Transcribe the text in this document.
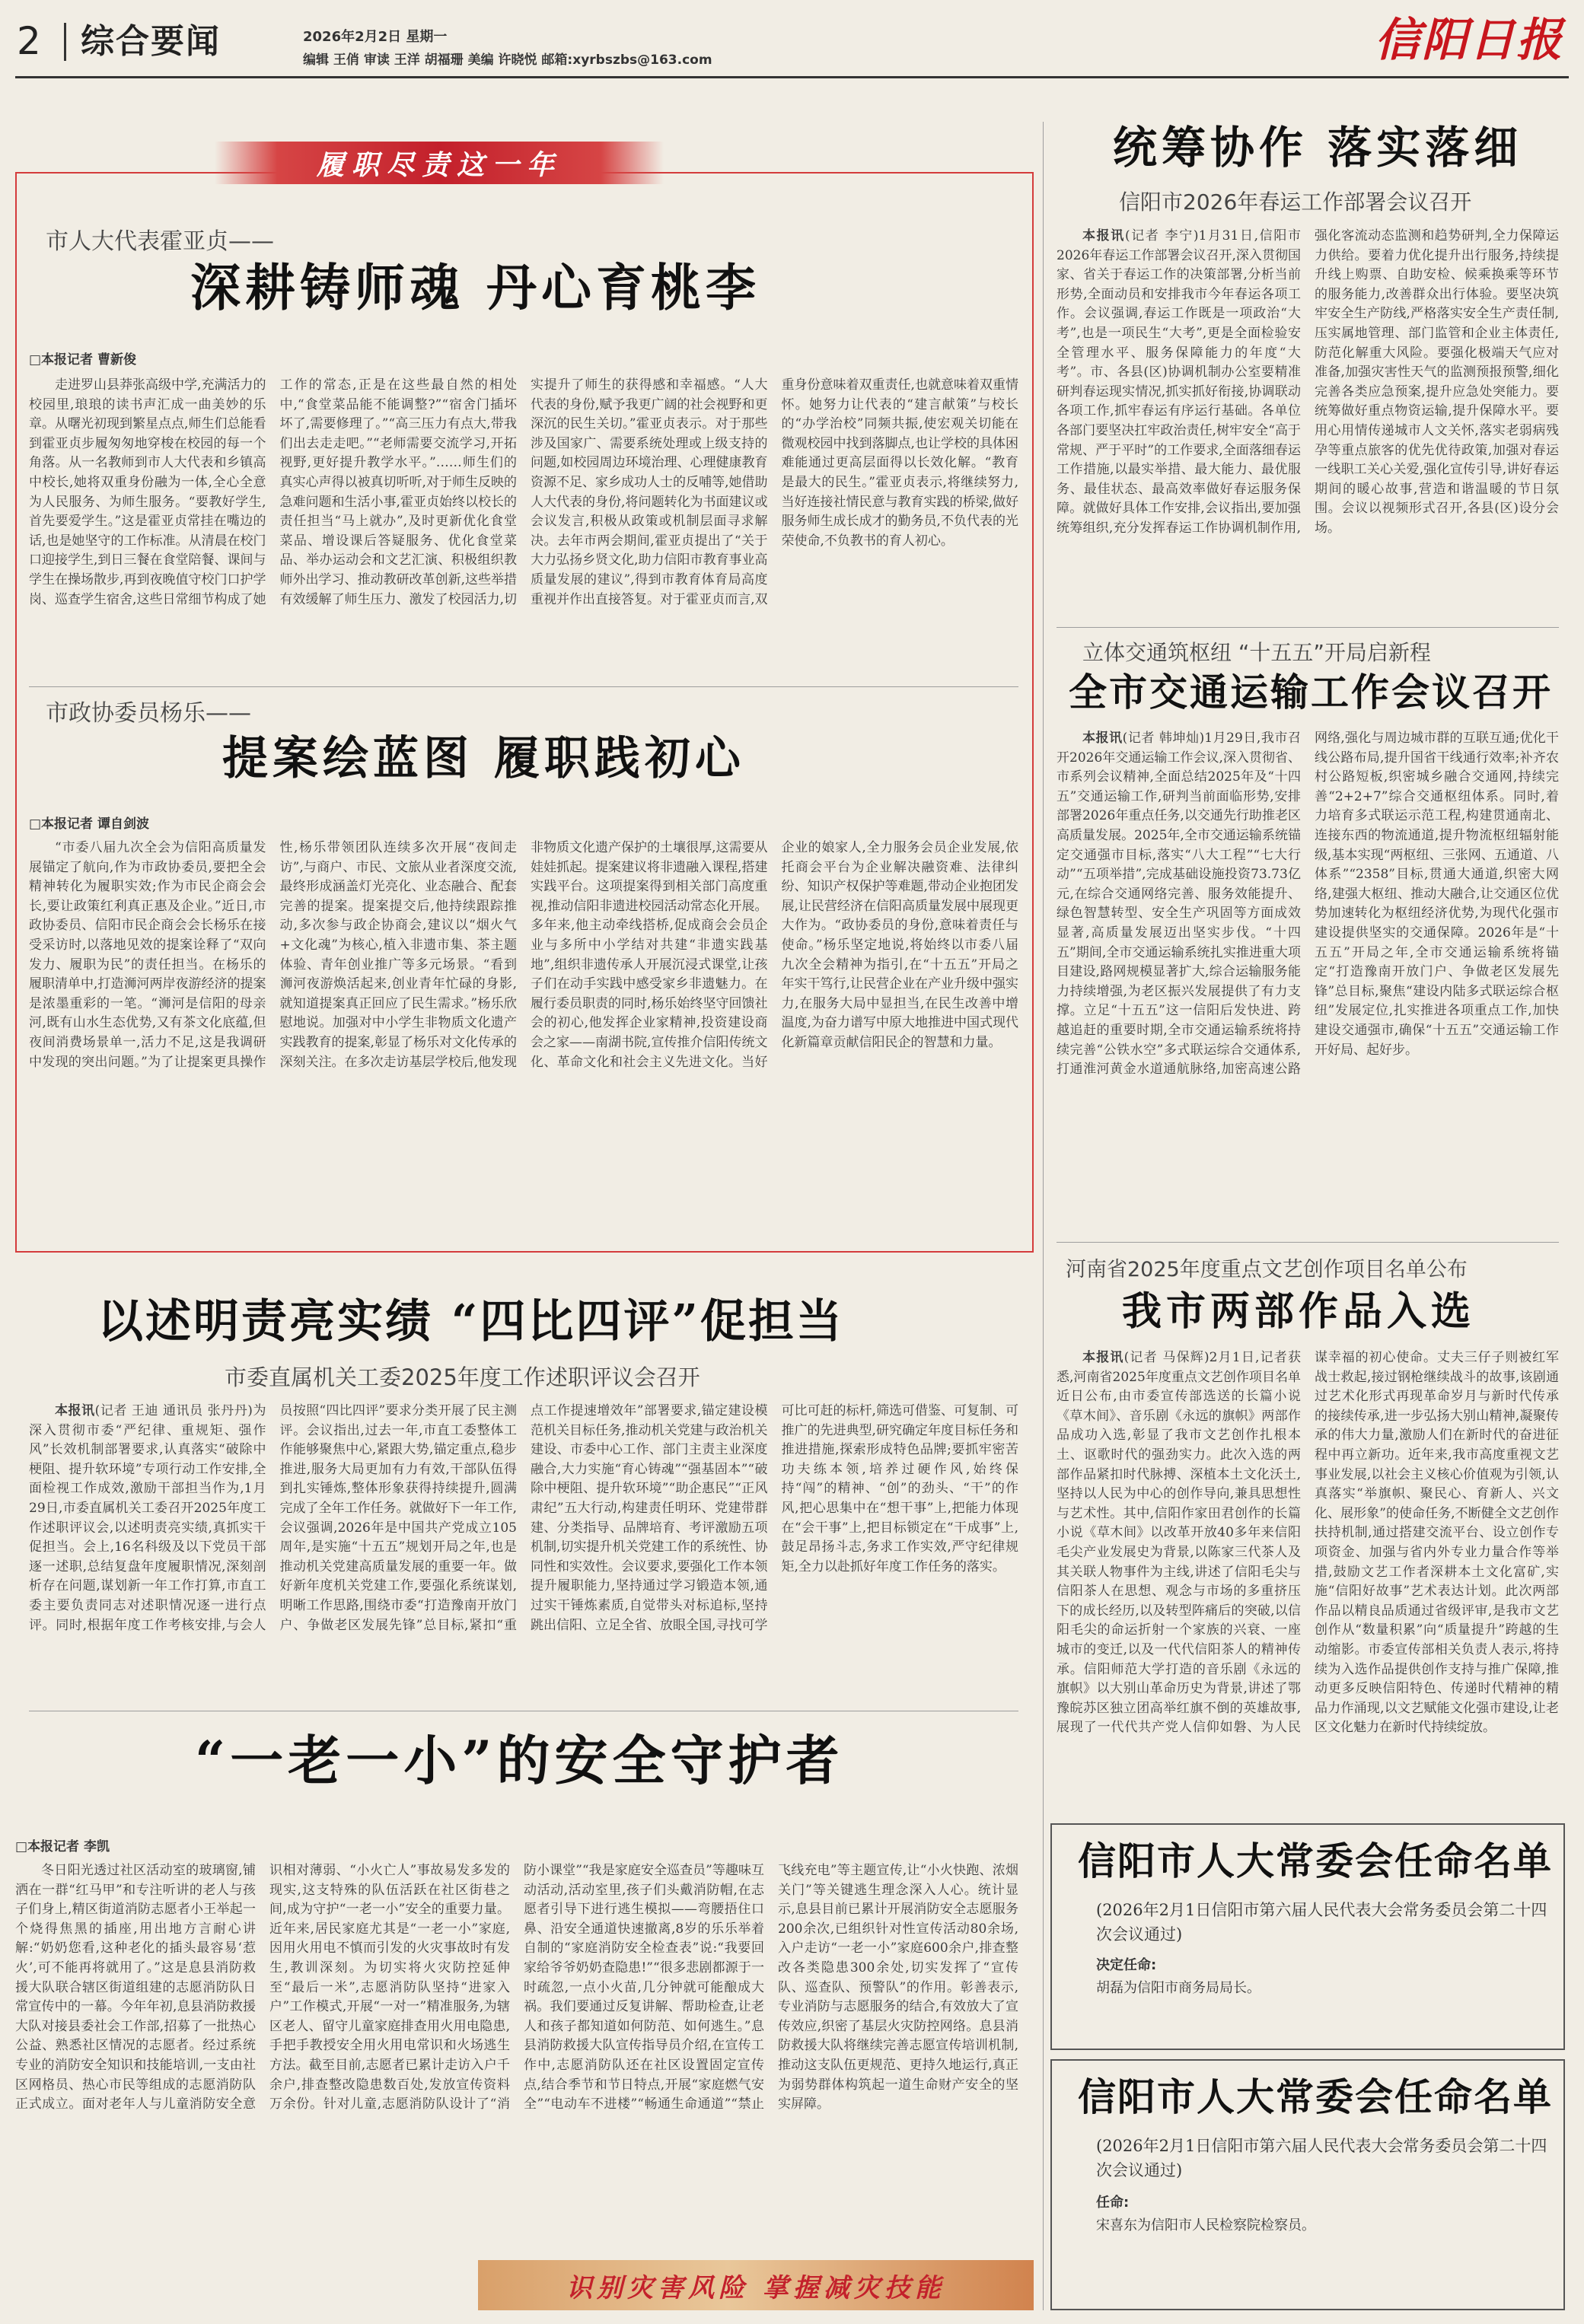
2 综合要闻	2026年2月2日 星期一
编辑 王俏 审读 王洋 胡福珊 美编 许晓悦 邮箱:xyrbszbs@163.com	信阳日报
履职尽责这一年
市人大代表霍亚贞——
深耕铸师魂 丹心育桃李
□本报记者 曹新俊

走进罗山县莽张高级中学,充满活力的校园里,琅琅的读书声汇成一曲美妙的乐章。从曙光初现到繁星点点,师生们总能看到霍亚贞步履匆匆地穿梭在校园的每一个角落。从一名教师到市人大代表和乡镇高中校长,她将双重身份融为一体,全心全意为人民服务、为师生服务。“要教好学生,首先要爱学生。”这是霍亚贞常挂在嘴边的话,也是她坚守的工作标准。从清晨在校门口迎接学生,到日三餐在食堂陪餐、课间与学生在操场散步,再到夜晚值守校门口护学岗、巡查学生宿舍,这些日常细节构成了她工作的常态,正是在这些最自然的相处中,“食堂菜品能不能调整?”“宿舍门插坏坏了,需要修理了。”“高三压力有点大,带我们出去走走吧。”“老师需要交流学习,开拓视野,更好提升教学水平。”……师生们的真实心声得以被真切听听,对于师生反映的急难问题和生活小事,霍亚贞始终以校长的责任担当“马上就办”,及时更新优化食堂菜品、增设课后答疑服务、优化食堂菜品、举办运动会和文艺汇演、积极组织教师外出学习、推动教研改革创新,这些举措有效缓解了师生压力、激发了校园活力,切实提升了师生的获得感和幸福感。“人大代表的身份,赋予我更广阔的社会视野和更深沉的民生关切。”霍亚贞表示。对于那些涉及国家广、需要系统处理或上级支持的问题,如校园周边环境治理、心理健康教育资源不足、家乡成功人士的反哺等,她借助人大代表的身份,将问题转化为书面建议或会议发言,积极从政策或机制层面寻求解决。去年市两会期间,霍亚贞提出了“关于大力弘扬乡贤文化,助力信阳市教育事业高质量发展的建议”,得到市教育体育局高度重视并作出直接答复。对于霍亚贞而言,双重身份意味着双重责任,也就意味着双重情怀。她努力让代表的“建言献策”与校长的“办学治校”同频共振,使宏观关切能在微观校园中找到落脚点,也让学校的具体困难能通过更高层面得以长效化解。“教育是最大的民生。”霍亚贞表示,将继续努力,当好连接社情民意与教育实践的桥梁,做好服务师生成长成才的勤务员,不负代表的光荣使命,不负教书的育人初心。

市政协委员杨乐——
提案绘蓝图 履职践初心
□本报记者 谭自剑波

“市委八届九次全会为信阳高质量发展锚定了航向,作为市政协委员,要把全会精神转化为履职实效;作为市民企商会会长,要让政策红利真正惠及企业。”近日,市政协委员、信阳市民企商会会长杨乐在接受采访时,以落地见效的提案诠释了“双向发力、履职为民”的责任担当。在杨乐的履职清单中,打造浉河两岸夜游经济的提案是浓墨重彩的一笔。“浉河是信阳的母亲河,既有山水生态优势,又有茶文化底蕴,但夜间消费场景单一,活力不足,这是我调研中发现的突出问题。”为了让提案更具操作性,杨乐带领团队连续多次开展“夜间走访”,与商户、市民、文旅从业者深度交流,最终形成涵盖灯光亮化、业态融合、配套完善的提案。提案提交后,他持续跟踪推动,多次参与政企协商会,建议以“烟火气+文化魂”为核心,植入非遗市集、茶主题体验、青年创业推广等多元场景。“看到浉河夜游焕活起来,创业青年忙碌的身影,就知道提案真正回应了民生需求。”杨乐欣慰地说。加强对中小学生非物质文化遗产实践教育的提案,彰显了杨乐对文化传承的深刻关注。在多次走访基层学校后,他发现非物质文化遗产保护的土壤很厚,这需要从娃娃抓起。提案建议将非遗融入课程,搭建实践平台。这项提案得到相关部门高度重视,推动信阳非遗进校园活动常态化开展。多年来,他主动牵线搭桥,促成商会会员企业与多所中小学结对共建“非遗实践基地”,组织非遗传承人开展沉浸式课堂,让孩子们在动手实践中感受家乡非遗魅力。在履行委员职责的同时,杨乐始终坚守回馈社会的初心,他发挥企业家精神,投资建设商会之家——南湖书院,宣传推介信阳传统文化、革命文化和社会主义先进文化。当好企业的娘家人,全力服务会员企业发展,依托商会平台为企业解决融资难、法律纠纷、知识产权保护等难题,带动企业抱团发展,让民营经济在信阳高质量发展中展现更大作为。“政协委员的身份,意味着责任与使命。”杨乐坚定地说,将始终以市委八届九次全会精神为指引,在“十五五”开局之年实干笃行,让民营企业在产业升级中强实力,在服务大局中显担当,在民生改善中增温度,为奋力谱写中原大地推进中国式现代化新篇章贡献信阳民企的智慧和力量。

以述明责亮实绩 “四比四评”促担当
市委直属机关工委2025年度工作述职评议会召开

本报讯(记者 王迪 通讯员 张丹丹)为深入贯彻市委“严纪律、重规矩、强作风”长效机制部署要求,认真落实“破除中梗阻、提升软环境”专项行动工作安排,全面检视工作成效,激励干部担当作为,1月29日,市委直属机关工委召开2025年度工作述职评议会,以述明责亮实绩,真抓实干促担当。会上,16名科级及以下党员干部逐一述职,总结复盘年度履职情况,深刻剖析存在问题,谋划新一年工作打算,市直工委主要负责同志对述职情况逐一进行点评。同时,根据年度工作考核安排,与会人员按照“四比四评”要求分类开展了民主测评。会议指出,过去一年,市直工委整体工作能够聚焦中心,紧跟大势,锚定重点,稳步推进,服务大局更加有力有效,干部队伍得到扎实锤炼,整体形象获得持续提升,圆满完成了全年工作任务。就做好下一年工作,会议强调,2026年是中国共产党成立105周年,是实施“十五五”规划开局之年,也是推动机关党建高质量发展的重要一年。做好新年度机关党建工作,要强化系统谋划,明晰工作思路,围绕市委“打造豫南开放门户、争做老区发展先锋”总目标,紧扣“重点工作提速增效年”部署要求,锚定建设模范机关目标任务,推动机关党建与政治机关建设、市委中心工作、部门主责主业深度融合,大力实施“育心铸魂”“强基固本”“破除中梗阻、提升软环境”“助企惠民”“正风肃纪”五大行动,构建责任明环、党建带群建、分类指导、品牌培育、考评激励五项机制,切实提升机关党建工作的系统性、协同性和实效性。会议要求,要强化工作本领提升履职能力,坚持通过学习锻造本领,通过实干锤炼素质,自觉带头对标追标,坚持跳出信阳、立足全省、放眼全国,寻找可学可比可赶的标杆,筛选可借鉴、可复制、可推广的先进典型,研究确定年度目标任务和推进措施,探索形成特色品牌;要抓牢密苦功夫练本领,培养过硬作风,始终保持“闯”的精神、“创”的劲头、“干”的作风,把心思集中在“想干事”上,把能力体现在“会干事”上,把目标锁定在“干成事”上,鼓足昂扬斗志,务求工作实效,严守纪律规矩,全力以赴抓好年度工作任务的落实。

“一老一小”的安全守护者
□本报记者 李凯

冬日阳光透过社区活动室的玻璃窗,铺洒在一群“红马甲”和专注听讲的老人与孩子们身上,精区街道消防志愿者小王举起一个烧得焦黑的插座,用出地方言耐心讲解:“奶奶您看,这种老化的插头最容易‘惹火’,可不能再将就用了。”这是息县消防救援大队联合辖区街道组建的志愿消防队日常宣传中的一幕。今年年初,息县消防救援大队对接县委社会工作部,招募了一批热心公益、熟悉社区情况的志愿者。经过系统专业的消防安全知识和技能培训,一支由社区网格员、热心市民等组成的志愿消防队正式成立。面对老年人与儿童消防安全意识相对薄弱、“小火亡人”事故易发多发的现实,这支特殊的队伍活跃在社区街巷之间,成为守护“一老一小”安全的重要力量。近年来,居民家庭尤其是“一老一小”家庭,因用火用电不慎而引发的火灾事故时有发生,教训深刻。为切实将火灾防控延伸至“最后一米”,志愿消防队坚持“进家入户”工作模式,开展“一对一”精准服务,为辖区老人、留守儿童家庭排查用火用电隐患,手把手教授安全用火用电常识和火场逃生方法。截至目前,志愿者已累计走访入户千余户,排查整改隐患数百处,发放宣传资料万余份。针对儿童,志愿消防队设计了“消防小课堂”“我是家庭安全巡查员”等趣味互动活动,活动室里,孩子们头戴消防帽,在志愿者引导下进行逃生模拟——弯腰捂住口鼻、沿安全通道快速撤离,8岁的乐乐举着自制的“家庭消防安全检查表”说:“我要回家给爷爷奶奶查隐患!”“很多悲剧都源于一时疏忽,一点小火苗,几分钟就可能酿成大祸。我们要通过反复讲解、帮助检查,让老人和孩子都知道如何防范、如何逃生。”息县消防救援大队宣传指导员介绍,在宣传工作中,志愿消防队还在社区设置固定宣传点,结合季节和节日特点,开展“家庭燃气安全”“电动车不进楼”“畅通生命通道”“禁止飞线充电”等主题宣传,让“小火快跑、浓烟关门”等关键逃生理念深入人心。统计显示,息县目前已累计开展消防安全志愿服务200余次,已组织针对性宣传活动80余场,入户走访“一老一小”家庭600余户,排查整改各类隐患300余处,切实发挥了“宣传队、巡查队、预警队”的作用。彰善表示,专业消防与志愿服务的结合,有效放大了宣传效应,织密了基层火灾防控网络。息县消防救援大队将继续完善志愿宣传培训机制,推动这支队伍更规范、更持久地运行,真正为弱势群体构筑起一道生命财产安全的坚实屏障。

识别灾害风险 掌握减灾技能
统筹协作 落实落细
信阳市2026年春运工作部署会议召开

本报讯(记者 李宁)1月31日,信阳市2026年春运工作部署会议召开,深入贯彻国家、省关于春运工作的决策部署,分析当前形势,全面动员和安排我市今年春运各项工作。会议强调,春运工作既是一项政治“大考”,也是一项民生“大考”,更是全面检验安全管理水平、服务保障能力的年度“大考”。市、各县(区)协调机制办公室要精准研判春运现实情况,抓实抓好衔接,协调联动各项工作,抓牢春运有序运行基础。各单位各部门要坚决扛牢政治责任,树牢安全“高于常规、严于平时”的工作要求,全面落细春运工作措施,以最实举措、最大能力、最优服务、最佳状态、最高效率做好春运服务保障。就做好具体工作安排,会议指出,要加强统筹组织,充分发挥春运工作协调机制作用,强化客流动态监测和趋势研判,全力保障运力供给。要着力优化提升出行服务,持续提升线上购票、自助安检、候乘换乘等环节的服务能力,改善群众出行体验。要坚决筑牢安全生产防线,严格落实安全生产责任制,压实属地管理、部门监管和企业主体责任,防范化解重大风险。要强化极端天气应对准备,加强灾害性天气的监测预报预警,细化完善各类应急预案,提升应急处突能力。要统筹做好重点物资运输,提升保障水平。要用心用情传递城市人文关怀,落实老弱病残孕等重点旅客的优先优待政策,加强对春运一线职工关心关爱,强化宣传引导,讲好春运期间的暖心故事,营造和谐温暖的节日氛围。会议以视频形式召开,各县(区)设分会场。

立体交通筑枢纽 “十五五”开局启新程
全市交通运输工作会议召开

本报讯(记者 韩坤灿)1月29日,我市召开2026年交通运输工作会议,深入贯彻省、市系列会议精神,全面总结2025年及“十四五”交通运输工作,研判当前面临形势,安排部署2026年重点任务,以交通先行助推老区高质量发展。2025年,全市交通运输系统锚定交通强市目标,落实“八大工程”“七大行动”“五项举措”,完成基础设施投资73.73亿元,在综合交通网络完善、服务效能提升、绿色智慧转型、安全生产巩固等方面成效显著,高质量发展迈出坚实步伐。“十四五”期间,全市交通运输系统扎实推进重大项目建设,路网规模显著扩大,综合运输服务能力持续增强,为老区振兴发展提供了有力支撑。立足“十五五”这一信阳后发快进、跨越追赶的重要时期,全市交通运输系统将持续完善“公铁水空”多式联运综合交通体系,打通淮河黄金水道通航脉络,加密高速公路网络,强化与周边城市群的互联互通;优化干线公路布局,提升国省干线通行效率;补齐农村公路短板,织密城乡融合交通网,持续完善“2+2+7”综合交通枢纽体系。同时,着力培育多式联运示范工程,构建贯通南北、连接东西的物流通道,提升物流枢纽辐射能级,基本实现“两枢纽、三张网、五通道、八体系”“2358”目标,贯通大通道,织密大网络,建强大枢纽、推动大融合,让交通区位优势加速转化为枢纽经济优势,为现代化强市建设提供坚实的交通保障。2026年是“十五五”开局之年,全市交通运输系统将锚定“打造豫南开放门户、争做老区发展先锋”总目标,聚焦“建设内陆多式联运综合枢纽”发展定位,扎实推进各项重点工作,加快建设交通强市,确保“十五五”交通运输工作开好局、起好步。

河南省2025年度重点文艺创作项目名单公布
我市两部作品入选

本报讯(记者 马保辉)2月1日,记者获悉,河南省2025年度重点文艺创作项目名单近日公布,由市委宣传部选送的长篇小说《草木间》、音乐剧《永远的旗帜》两部作品成功入选,彰显了我市文艺创作扎根本土、讴歌时代的强劲实力。此次入选的两部作品紧扣时代脉搏、深植本土文化沃土,坚持以人民为中心的创作导向,兼具思想性与艺术性。其中,信阳作家田君创作的长篇小说《草木间》以改革开放40多年来信阳毛尖产业发展史为背景,以陈家三代茶人及其关联人物事件为主线,讲述了信阳毛尖与信阳茶人在思想、观念与市场的多重挤压下的成长经历,以及转型阵痛后的突破,以信阳毛尖的命运折射一个家族的兴衰、一座城市的变迁,以及一代代信阳茶人的精神传承。信阳师范大学打造的音乐剧《永远的旗帜》以大别山革命历史为背景,讲述了鄂豫皖苏区独立团高举红旗不倒的英雄故事,展现了一代代共产党人信仰如磐、为人民谋幸福的初心使命。丈夫三仔子则被红军战士救起,接过钢枪继续战斗的故事,该剧通过艺术化形式再现革命岁月与新时代传承的接续传承,进一步弘扬大别山精神,凝聚传承的伟大力量,激励人们在新时代的奋进征程中再立新功。近年来,我市高度重视文艺事业发展,以社会主义核心价值观为引领,认真落实“举旗帜、聚民心、育新人、兴文化、展形象”的使命任务,不断健全文艺创作扶持机制,通过搭建交流平台、设立创作专项资金、加强与省内外专业力量合作等举措,鼓励文艺工作者深耕本土文化富矿,实施“信阳好故事”艺术表达计划。此次两部作品以精良品质通过省级评审,是我市文艺创作从“数量积累”向“质量提升”跨越的生动缩影。市委宣传部相关负责人表示,将持续为入选作品提供创作支持与推广保障,推动更多反映信阳特色、传递时代精神的精品力作涌现,以文艺赋能文化强市建设,让老区文化魅力在新时代持续绽放。

信阳市人大常委会任命名单
(2026年2月1日信阳市第六届人民代表大会常务委员会第二十四次会议通过)
决定任命:
胡磊为信阳市商务局局长。
信阳市人大常委会任命名单
(2026年2月1日信阳市第六届人民代表大会常务委员会第二十四次会议通过)
任命:
宋喜东为信阳市人民检察院检察员。
